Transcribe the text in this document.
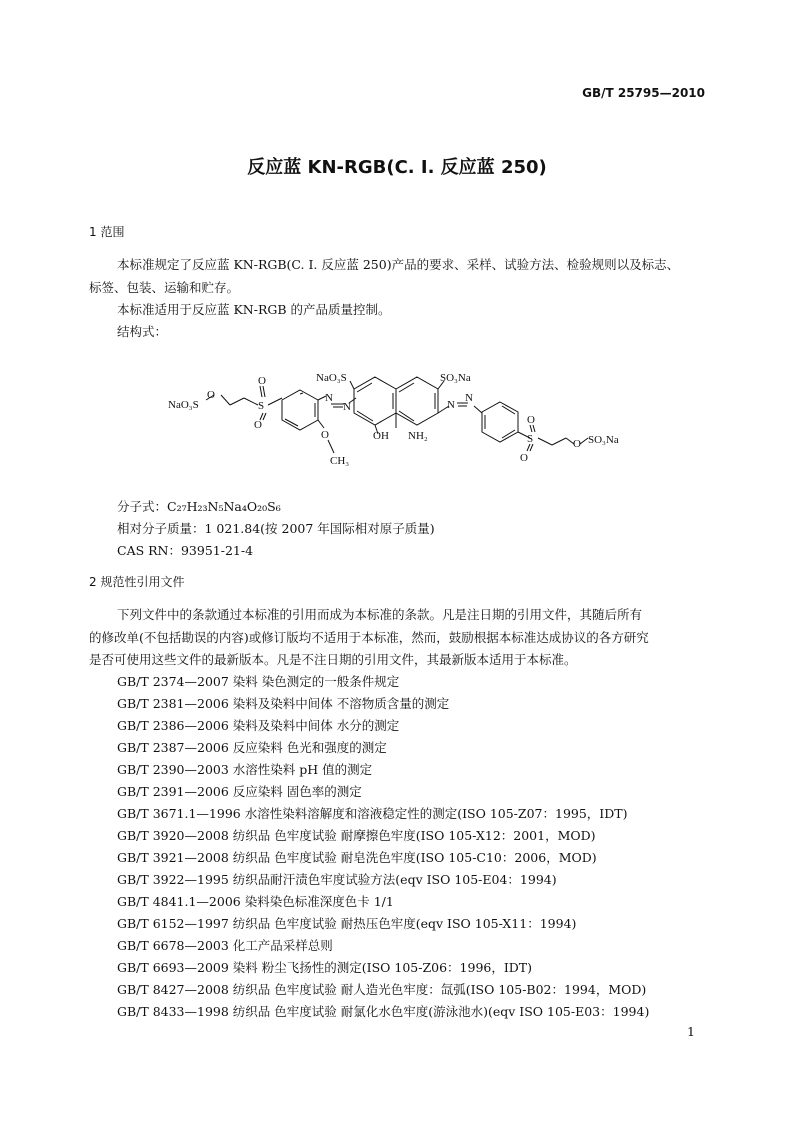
GB/T 25795—2010
反应蓝 KN-RGB(C. I. 反应蓝 250)
1 范围
本标准规定了反应蓝 KN-RGB(C. I. 反应蓝 250)产品的要求、采样、试验方法、检验规则以及标志、
标签、包装、运输和贮存。
本标准适用于反应蓝 KN-RGB 的产品质量控制。
结构式：
NaO₃S
O
S
O
O
NaO₃S	SO₃Na
N
N	N
N
OH NH₂
O
CH₃
S
O
O
O SO₃Na
分子式：C₂₇H₂₃N₅Na₄O₂₀S₆
相对分子质量：1 021.84(按 2007 年国际相对原子质量)
CAS RN：93951-21-4
2 规范性引用文件
下列文件中的条款通过本标准的引用而成为本标准的条款。凡是注日期的引用文件，其随后所有
的修改单(不包括勘误的内容)或修订版均不适用于本标准，然而，鼓励根据本标准达成协议的各方研究
是否可使用这些文件的最新版本。凡是不注日期的引用文件，其最新版本适用于本标准。
GB/T 2374—2007 染料 染色测定的一般条件规定
GB/T 2381—2006 染料及染料中间体 不溶物质含量的测定
GB/T 2386—2006 染料及染料中间体 水分的测定
GB/T 2387—2006 反应染料 色光和强度的测定
GB/T 2390—2003 水溶性染料 pH 值的测定
GB/T 2391—2006 反应染料 固色率的测定
GB/T 3671.1—1996 水溶性染料溶解度和溶液稳定性的测定(ISO 105-Z07：1995，IDT)
GB/T 3920—2008 纺织品 色牢度试验 耐摩擦色牢度(ISO 105-X12：2001，MOD)
GB/T 3921—2008 纺织品 色牢度试验 耐皂洗色牢度(ISO 105-C10：2006，MOD)
GB/T 3922—1995 纺织品耐汗渍色牢度试验方法(eqv ISO 105-E04：1994)
GB/T 4841.1—2006 染料染色标准深度色卡 1/1
GB/T 6152—1997 纺织品 色牢度试验 耐热压色牢度(eqv ISO 105-X11：1994)
GB/T 6678—2003 化工产品采样总则
GB/T 6693—2009 染料 粉尘飞扬性的测定(ISO 105-Z06：1996，IDT)
GB/T 8427—2008 纺织品 色牢度试验 耐人造光色牢度：氙弧(ISO 105-B02：1994，MOD)
GB/T 8433—1998 纺织品 色牢度试验 耐氯化水色牢度(游泳池水)(eqv ISO 105-E03：1994)
1
